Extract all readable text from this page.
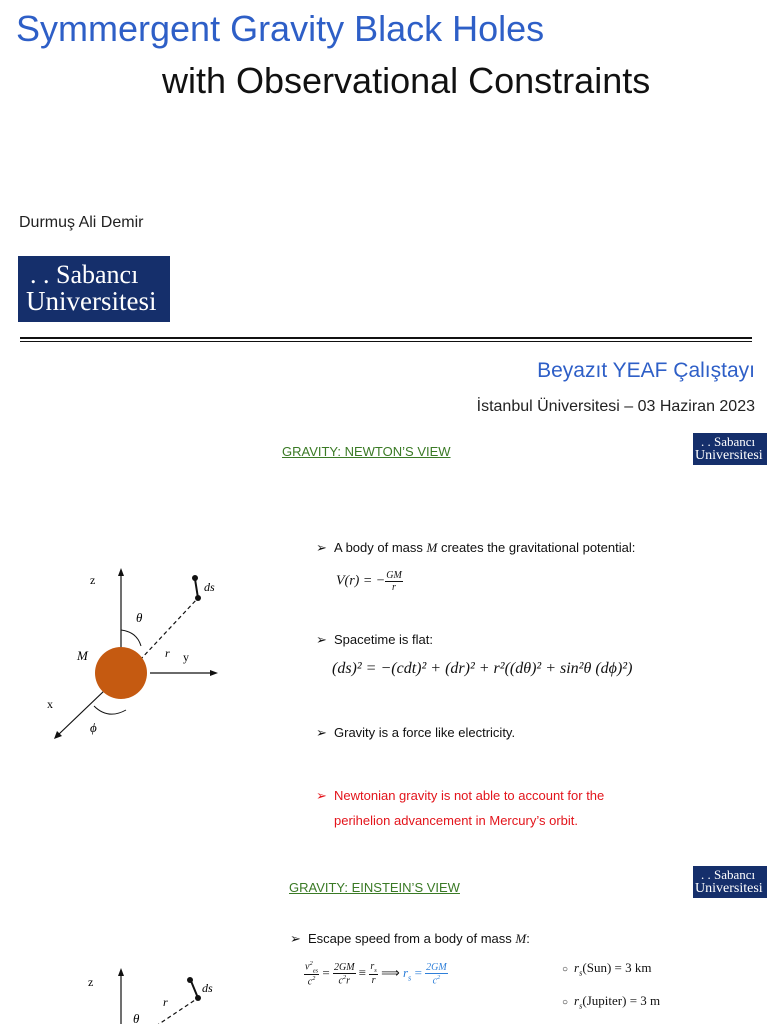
Symmergent Gravity Black Holes
with Observational Constraints
Durmuş Ali Demir
. . Sabancı
Universitesi
Beyazıt YEAF Çalıştayı
İstanbul Üniversitesi – 03 Haziran 2023
GRAVITY: NEWTON’S VIEW
. . Sabancı
Universitesi
z
y
x
M	r
ds
θ
ϕ
➢ A body of mass M creates the gravitational potential:
V(r) = − $\frac{GM}{r}$
➢ Spacetime is flat:
(ds)² = −(cdt)² + (dr)² + r²((dθ)² + sin²θ (dϕ)²)
➢ Gravity is a force like electricity.
➢ Newtonian gravity is not able to account for the
perihelion advancement in Mercury’s orbit.
GRAVITY: EINSTEIN’S VIEW
. . Sabancı
Universitesi
➢ Escape speed from a body of mass M:
$\frac{v^2_{es}}{c^2} = \frac{2GM}{c^2r} \equiv \frac{r_s}{r}$ ⟹ $r_s = \frac{2GM}{c^2}$	○ $r_s(Sun) = 3$ km
○ $r_s(Jupiter) = 3$ m
z
r
ds
θ
